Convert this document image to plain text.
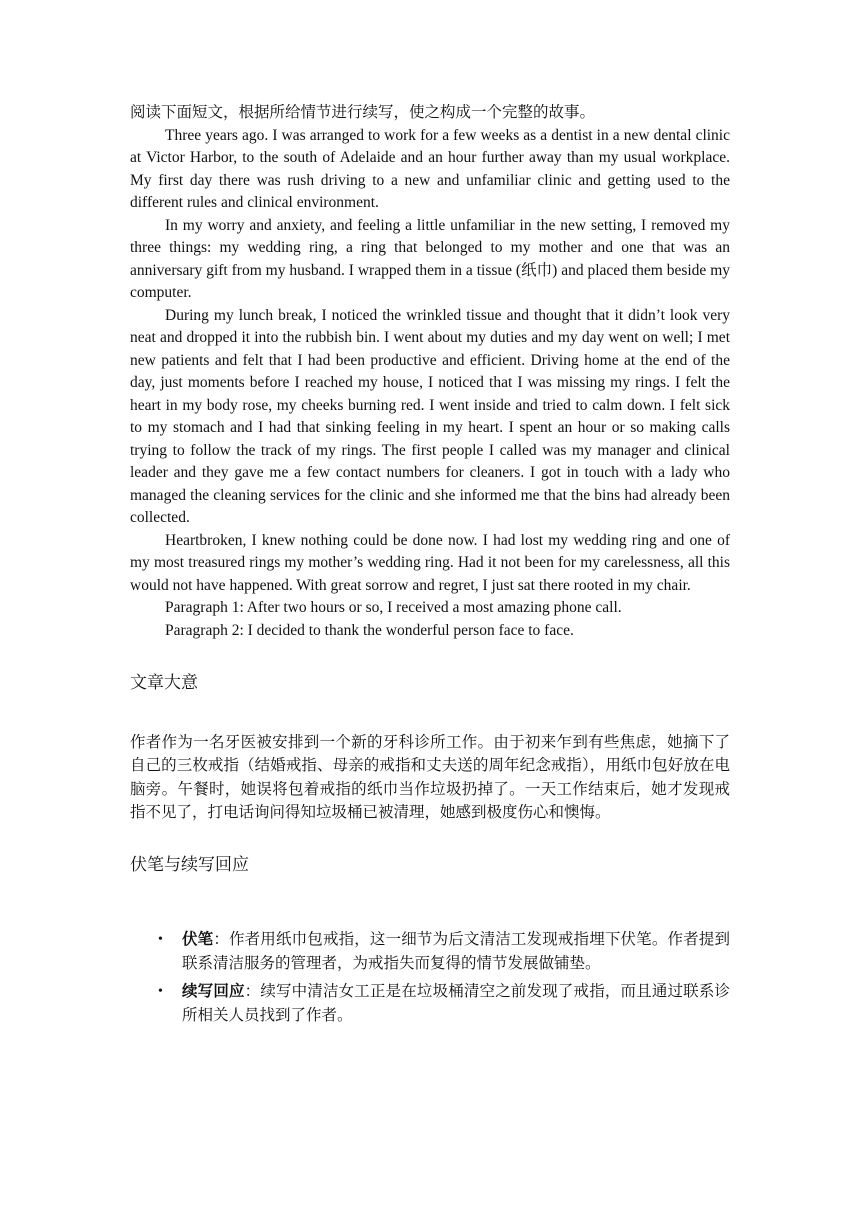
阅读下面短文，根据所给情节进行续写，使之构成一个完整的故事。

Three years ago. I was arranged to work for a few weeks as a dentist in a new dental clinic at Victor Harbor, to the south of Adelaide and an hour further away than my usual workplace. My first day there was rush driving to a new and unfamiliar clinic and getting used to the different rules and clinical environment.

In my worry and anxiety, and feeling a little unfamiliar in the new setting, I removed my three things: my wedding ring, a ring that belonged to my mother and one that was an anniversary gift from my husband. I wrapped them in a tissue (纸巾) and placed them beside my computer.

During my lunch break, I noticed the wrinkled tissue and thought that it didn’t look very neat and dropped it into the rubbish bin. I went about my duties and my day went on well; I met new patients and felt that I had been productive and efficient. Driving home at the end of the day, just moments before I reached my house, I noticed that I was missing my rings. I felt the heart in my body rose, my cheeks burning red. I went inside and tried to calm down. I felt sick to my stomach and I had that sinking feeling in my heart. I spent an hour or so making calls trying to follow the track of my rings. The first people I called was my manager and clinical leader and they gave me a few contact numbers for cleaners. I got in touch with a lady who managed the cleaning services for the clinic and she informed me that the bins had already been collected.

Heartbroken, I knew nothing could be done now. I had lost my wedding ring and one of my most treasured rings my mother’s wedding ring. Had it not been for my carelessness, all this would not have happened. With great sorrow and regret, I just sat there rooted in my chair.

Paragraph 1: After two hours or so, I received a most amazing phone call.

Paragraph 2: I decided to thank the wonderful person face to face.

文章大意

作者作为一名牙医被安排到一个新的牙科诊所工作。由于初来乍到有些焦虑，她摘下了自己的三枚戒指（结婚戒指、母亲的戒指和丈夫送的周年纪念戒指），用纸巾包好放在电脑旁。午餐时，她误将包着戒指的纸巾当作垃圾扔掉了。一天工作结束后，她才发现戒指不见了，打电话询问得知垃圾桶已被清理，她感到极度伤心和懊悔。

伏笔与续写回应
• 伏笔：作者用纸巾包戒指，这一细节为后文清洁工发现戒指埋下伏笔。作者提到联系清洁服务的管理者，为戒指失而复得的情节发展做铺垫。
• 续写回应：续写中清洁女工正是在垃圾桶清空之前发现了戒指，而且通过联系诊所相关人员找到了作者。
